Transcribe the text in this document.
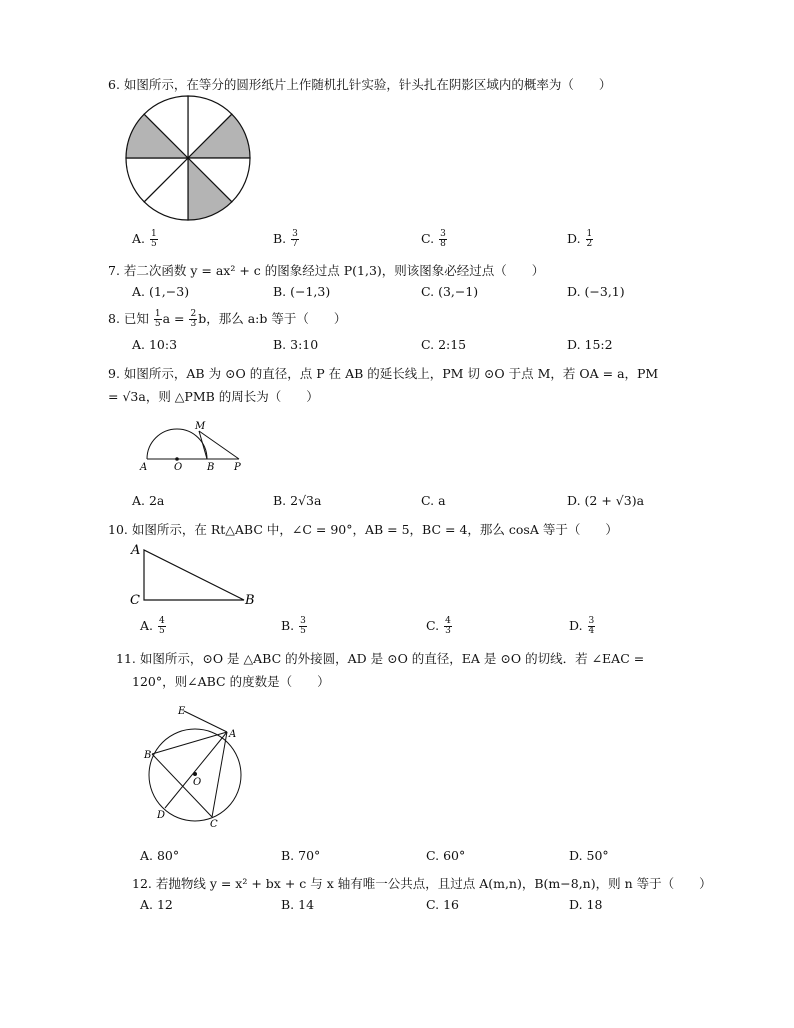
6. 如图所示，在等分的圆形纸片上作随机扎针实验，针头扎在阴影区域内的概率为（　　）
A. $\frac{1}{5}$	B. $\frac{3}{7}$	C. $\frac{3}{8}$	D. $\frac{1}{2}$
7. 若二次函数 y = ax² + c 的图象经过点 P(1,3)，则该图象必经过点（　　）
A. (1,−3)	B. (−1,3)	C. (3,−1)	D. (−3,1)
8. 已知 $\frac{1}{5}$ $a = \frac{2}{3}$ b，那么 a:b 等于（　　）
A. 10:3	B. 3:10	C. 2:15	D. 15:2
9. 如图所示，AB 为 ⊙O 的直径，点 P 在 AB 的延长线上，PM 切 ⊙O 于点 M，若 OA = a，PM
= √3a，则 △PMB 的周长为（　　）
A	O B P
M
A. 2a	B. 2√3a	C. a	D. (2 + √3)a
10. 如图所示，在 Rt△ABC 中，∠C = 90°，AB = 5，BC = 4，那么 cosA 等于（　　）
A
C	B
A. $\frac{4}{5}$	B. $\frac{3}{5}$	C. $\frac{4}{3}$	D. $\frac{3}{4}$
11. 如图所示，⊙O 是 △ABC 的外接圆，AD 是 ⊙O 的直径，EA 是 ⊙O 的切线．若 ∠EAC =
120°，则∠ABC 的度数是（　　）
E
A
B
O
D
C
A. 80°	B. 70°	C. 60°	D. 50°
12. 若抛物线 y = x² + bx + c 与 x 轴有唯一公共点，且过点 A(m,n)，B(m−8,n)，则 n 等于（　　）
A. 12	B. 14	C. 16	D. 18
